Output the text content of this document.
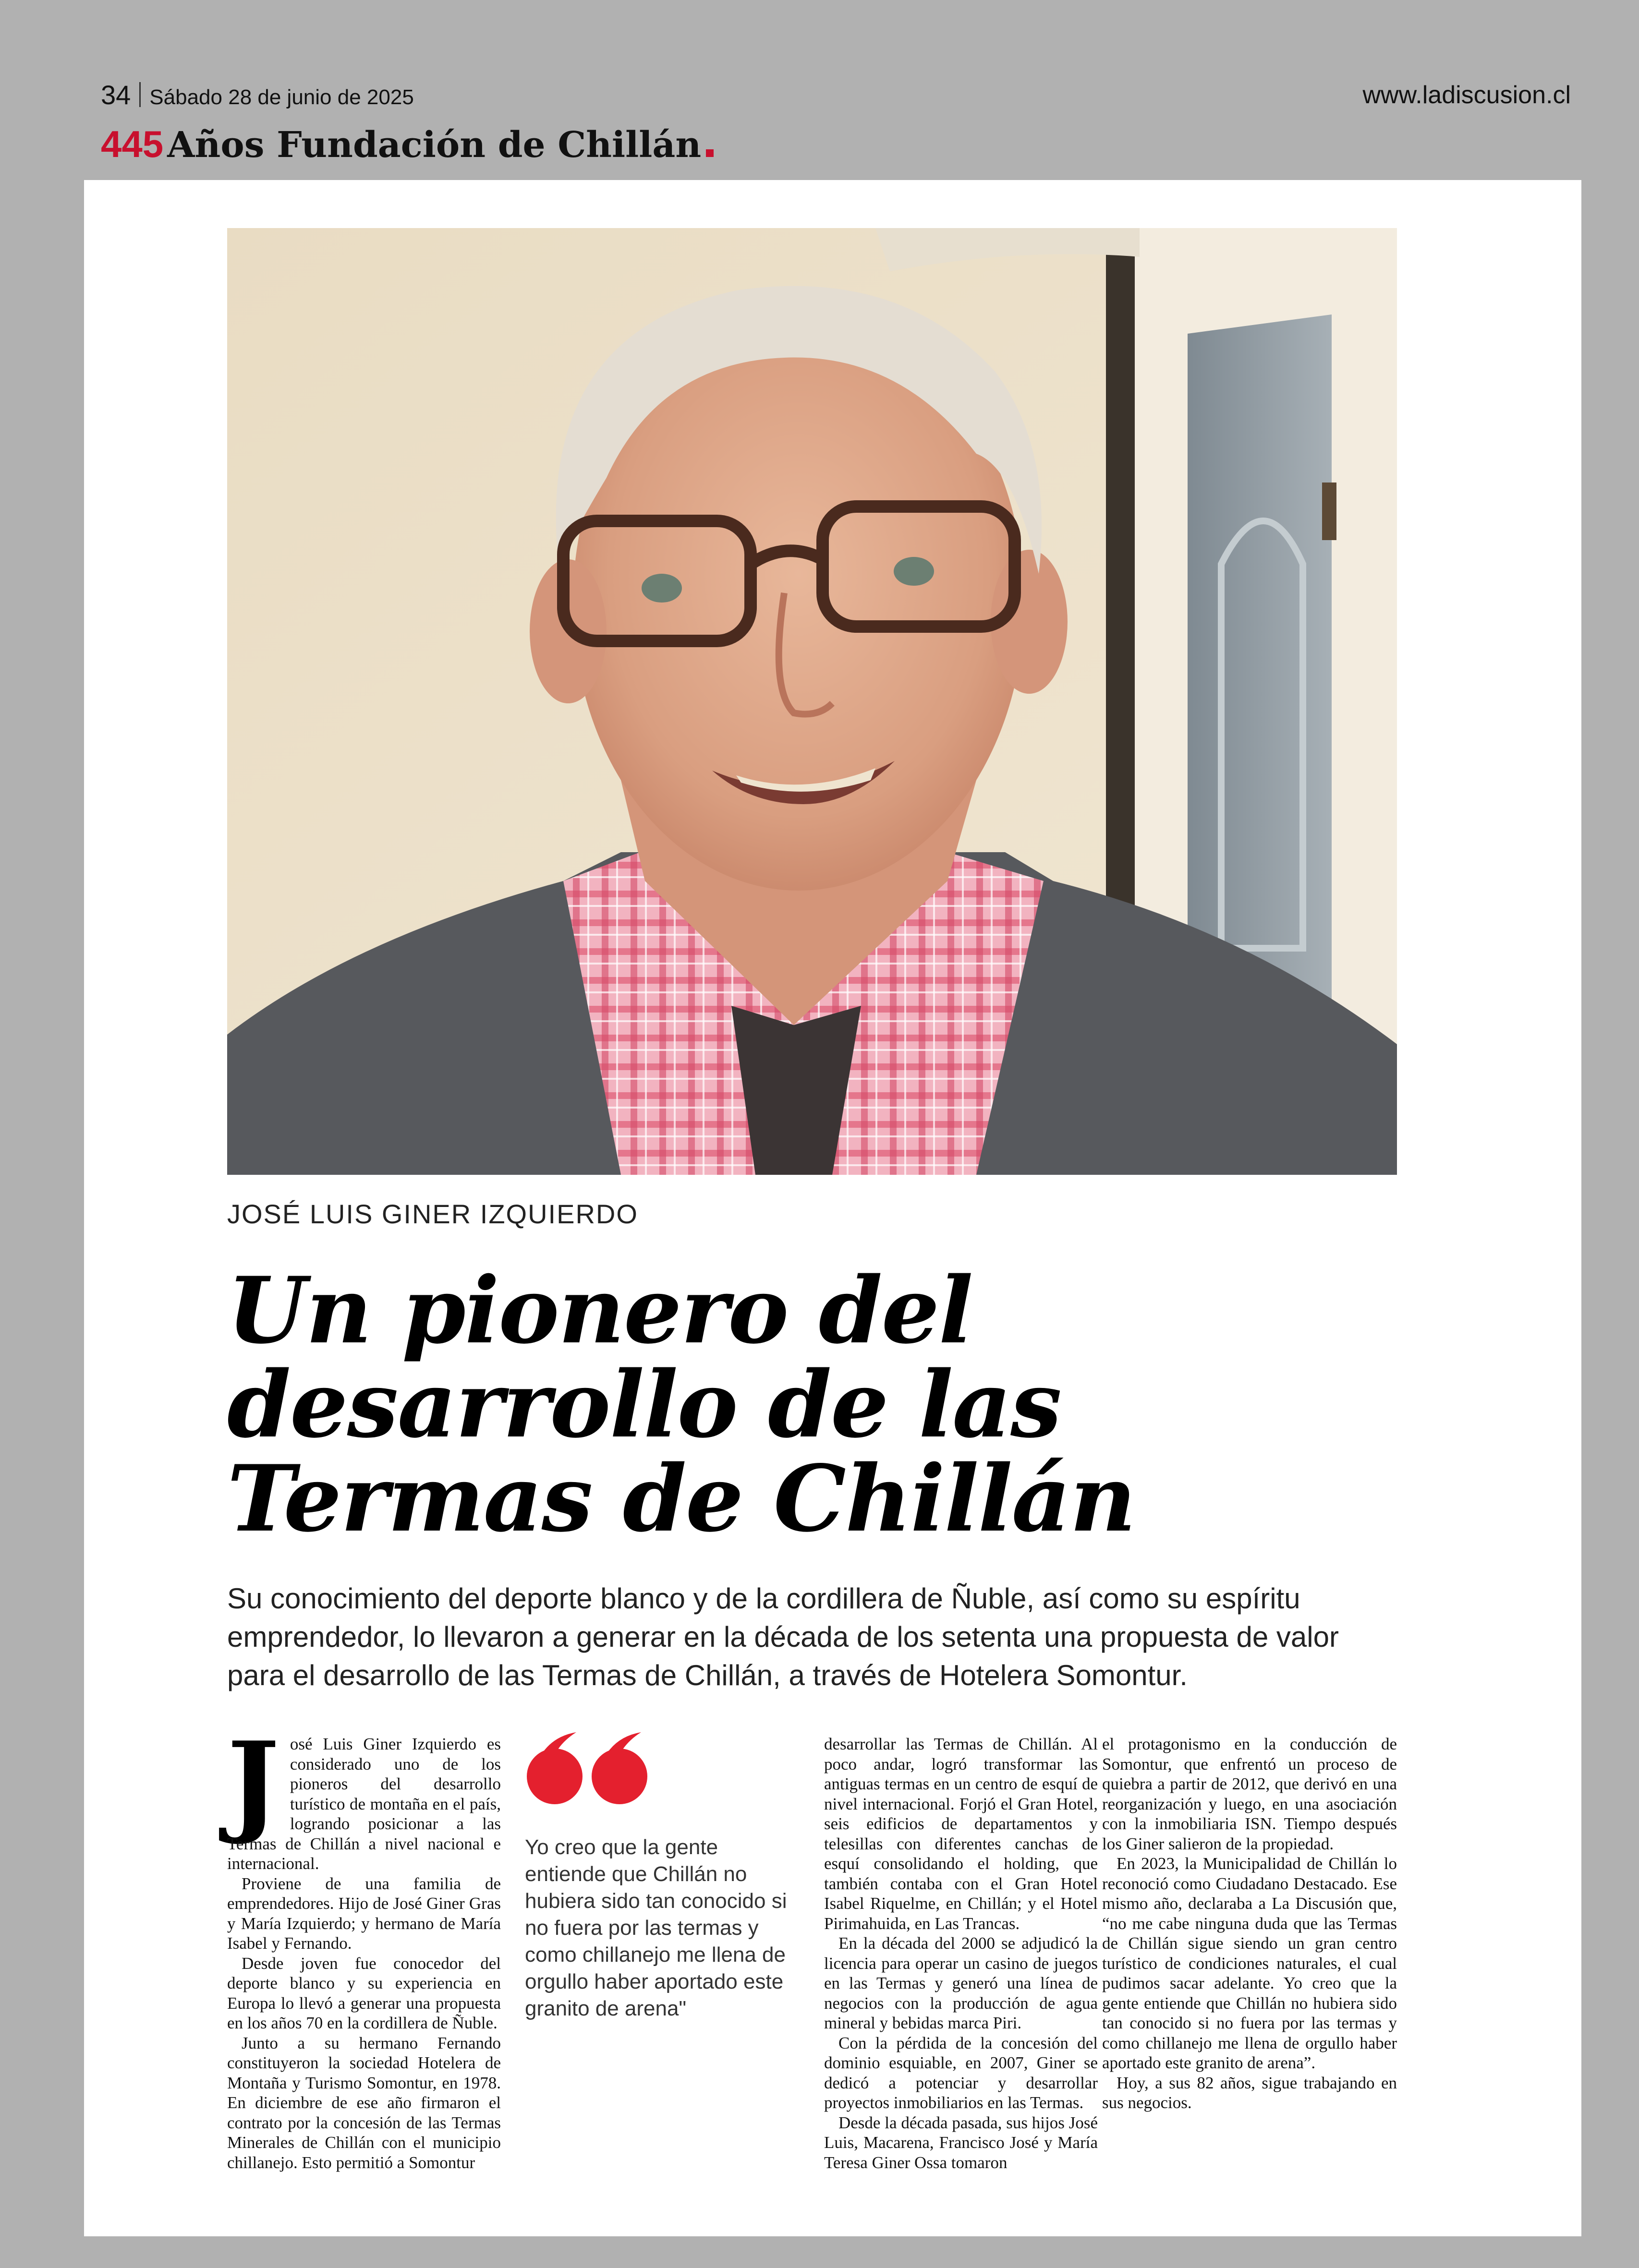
34 Sábado 28 de junio de 2025	www.ladiscusion.cl
445 Años Fundación de Chillán
JOSÉ LUIS GINER IZQUIERDO
Un pionero del
desarrollo de las
Termas de Chillán
Su conocimiento del deporte blanco y de la cordillera de Ñuble, así como su espíritu emprendedor, lo llevaron a generar en la década de los setenta una propuesta de valor para el desarrollo de las Termas de Chillán, a través de Hotelera Somontur.
J osé Luis Giner Izquierdo es considerado uno de los pioneros del desarrollo turístico de montaña en el país, logrando posicionar a las Termas de Chillán a nivel nacional e internacional.

Proviene de una familia de emprendedores. Hijo de José Giner Gras y María Izquierdo; y hermano de María Isabel y Fernando.

Desde joven fue conocedor del deporte blanco y su experiencia en Europa lo llevó a generar una propuesta en los años 70 en la cordillera de Ñuble.

Junto a su hermano Fernando constituyeron la sociedad Hotelera de Montaña y Turismo Somontur, en 1978. En diciembre de ese año firmaron el contrato por la concesión de las Termas Minerales de Chillán con el municipio chillanejo. Esto permitió a Somontur

Yo creo que la gente entiende que Chillán no hubiera sido tan conocido si no fuera por las termas y como chillanejo me llena de orgullo haber aportado este granito de arena"

desarrollar las Termas de Chillán. Al poco andar, logró transformar las antiguas termas en un centro de esquí de nivel internacional. Forjó el Gran Hotel, seis edificios de departamentos y telesillas con diferentes canchas de esquí consolidando el holding, que también contaba con el Gran Hotel Isabel Riquelme, en Chillán; y el Hotel Pirimahuida, en Las Trancas.

En la década del 2000 se adjudicó la licencia para operar un casino de juegos en las Termas y generó una línea de negocios con la producción de agua mineral y bebidas marca Piri.

Con la pérdida de la concesión del dominio esquiable, en 2007, Giner se dedicó a potenciar y desarrollar proyectos inmobiliarios en las Termas.

Desde la década pasada, sus hijos José Luis, Macarena, Francisco José y María Teresa Giner Ossa tomaron

el protagonismo en la conducción de Somontur, que enfrentó un proceso de quiebra a partir de 2012, que derivó en una reorganización y luego, en una asociación con la inmobiliaria ISN. Tiempo después los Giner salieron de la propiedad.

En 2023, la Municipalidad de Chillán lo reconoció como Ciudadano Destacado. Ese mismo año, declaraba a La Discusión que, “no me cabe ninguna duda que las Termas de Chillán sigue siendo un gran centro turístico de condiciones naturales, el cual pudimos sacar adelante. Yo creo que la gente entiende que Chillán no hubiera sido tan conocido si no fuera por las termas y como chillanejo me llena de orgullo haber aportado este granito de arena”.

Hoy, a sus 82 años, sigue trabajando en sus negocios.
